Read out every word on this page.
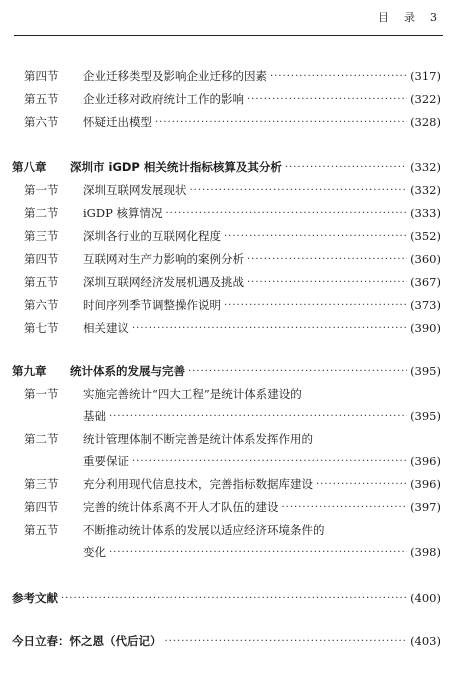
目　录　3
第四节 企业迁移类型及影响企业迁移的因素 ·····	(317)
第五节 企业迁移对政府统计工作的影响 ·····	(322)
第六节 怀疑迁出模型 ·····	(328)
第八章 深圳市 iGDP 相关统计指标核算及其分析 ·····	(332)
第一节 深圳互联网发展现状 ·····	(332)
第二节 iGDP 核算情况 ·····	(333)
第三节 深圳各行业的互联网化程度 ·····	(352)
第四节 互联网对生产力影响的案例分析 ·····	(360)
第五节 深圳互联网经济发展机遇及挑战 ·····	(367)
第六节 时间序列季节调整操作说明 ·····	(373)
第七节 相关建议 ·····	(390)
第九章 统计体系的发展与完善 ·····	(395)
第一节 实施完善统计“四大工程”是统计体系建设的
基础 ·····	(395)
第二节 统计管理体制不断完善是统计体系发挥作用的
重要保证 ·····	(396)
第三节 充分利用现代信息技术，完善指标数据库建设 ·····	(396)
第四节 完善的统计体系离不开人才队伍的建设 ·····	(397)
第五节 不断推动统计体系的发展以适应经济环境条件的
变化 ·····	(398)
参考文献 ·····	(400)
今日立春：怀之恩（代后记） ·····	(403)
